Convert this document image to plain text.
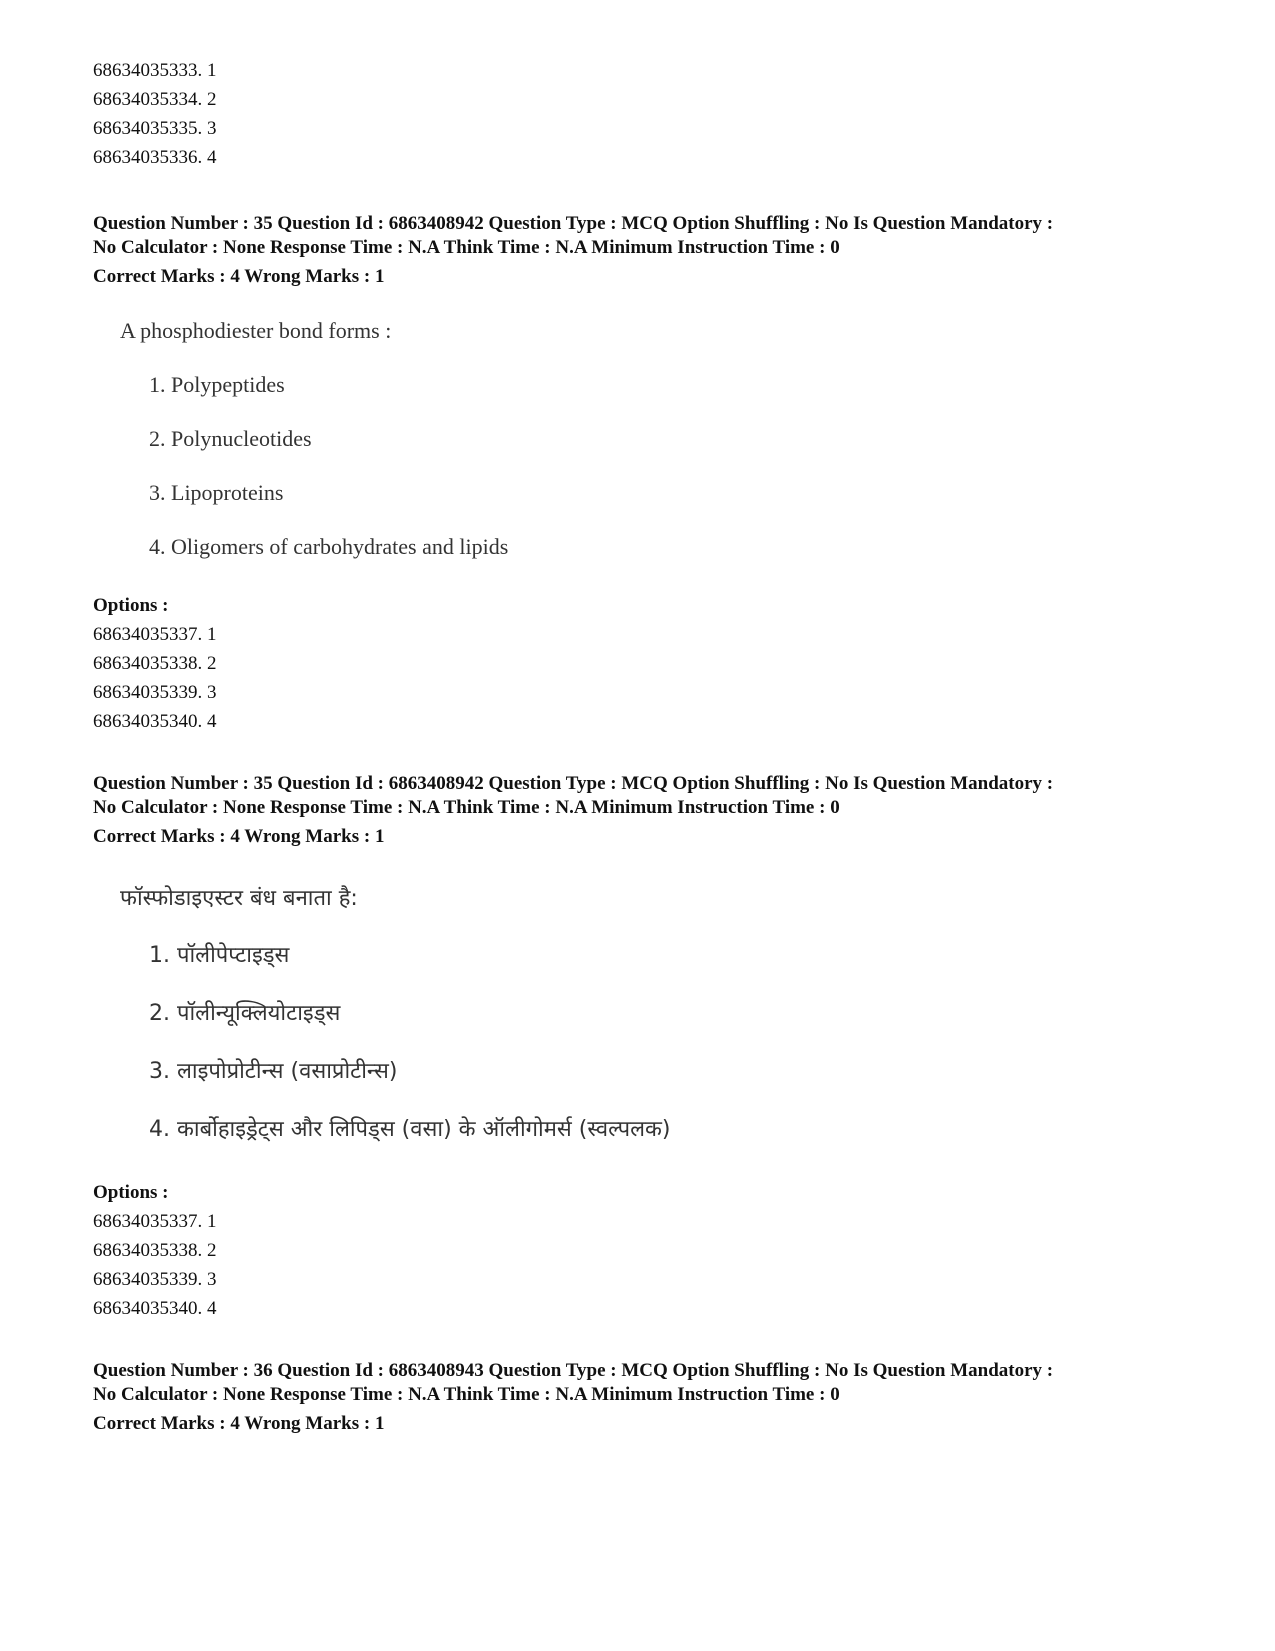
68634035333. 1
68634035334. 2
68634035335. 3
68634035336. 4
Question Number : 35 Question Id : 6863408942 Question Type : MCQ Option Shuffling : No Is Question Mandatory :
No Calculator : None Response Time : N.A Think Time : N.A Minimum Instruction Time : 0
Correct Marks : 4 Wrong Marks : 1
A phosphodiester bond forms :
1. Polypeptides
2. Polynucleotides
3. Lipoproteins
4. Oligomers of carbohydrates and lipids
Options :
68634035337. 1
68634035338. 2
68634035339. 3
68634035340. 4
Question Number : 35 Question Id : 6863408942 Question Type : MCQ Option Shuffling : No Is Question Mandatory :
No Calculator : None Response Time : N.A Think Time : N.A Minimum Instruction Time : 0
Correct Marks : 4 Wrong Marks : 1
फॉस्फोडाइएस्टर बंध बनाता है:
1. पॉलीपेप्टाइड्स
2. पॉलीन्यूक्लियोटाइड्स
3. लाइपोप्रोटीन्स (वसाप्रोटीन्स)
4. कार्बोहाइड्रेट्स और लिपिड्स (वसा) के ऑलीगोमर्स (स्वल्पलक)
Options :
68634035337. 1
68634035338. 2
68634035339. 3
68634035340. 4
Question Number : 36 Question Id : 6863408943 Question Type : MCQ Option Shuffling : No Is Question Mandatory :
No Calculator : None Response Time : N.A Think Time : N.A Minimum Instruction Time : 0
Correct Marks : 4 Wrong Marks : 1
